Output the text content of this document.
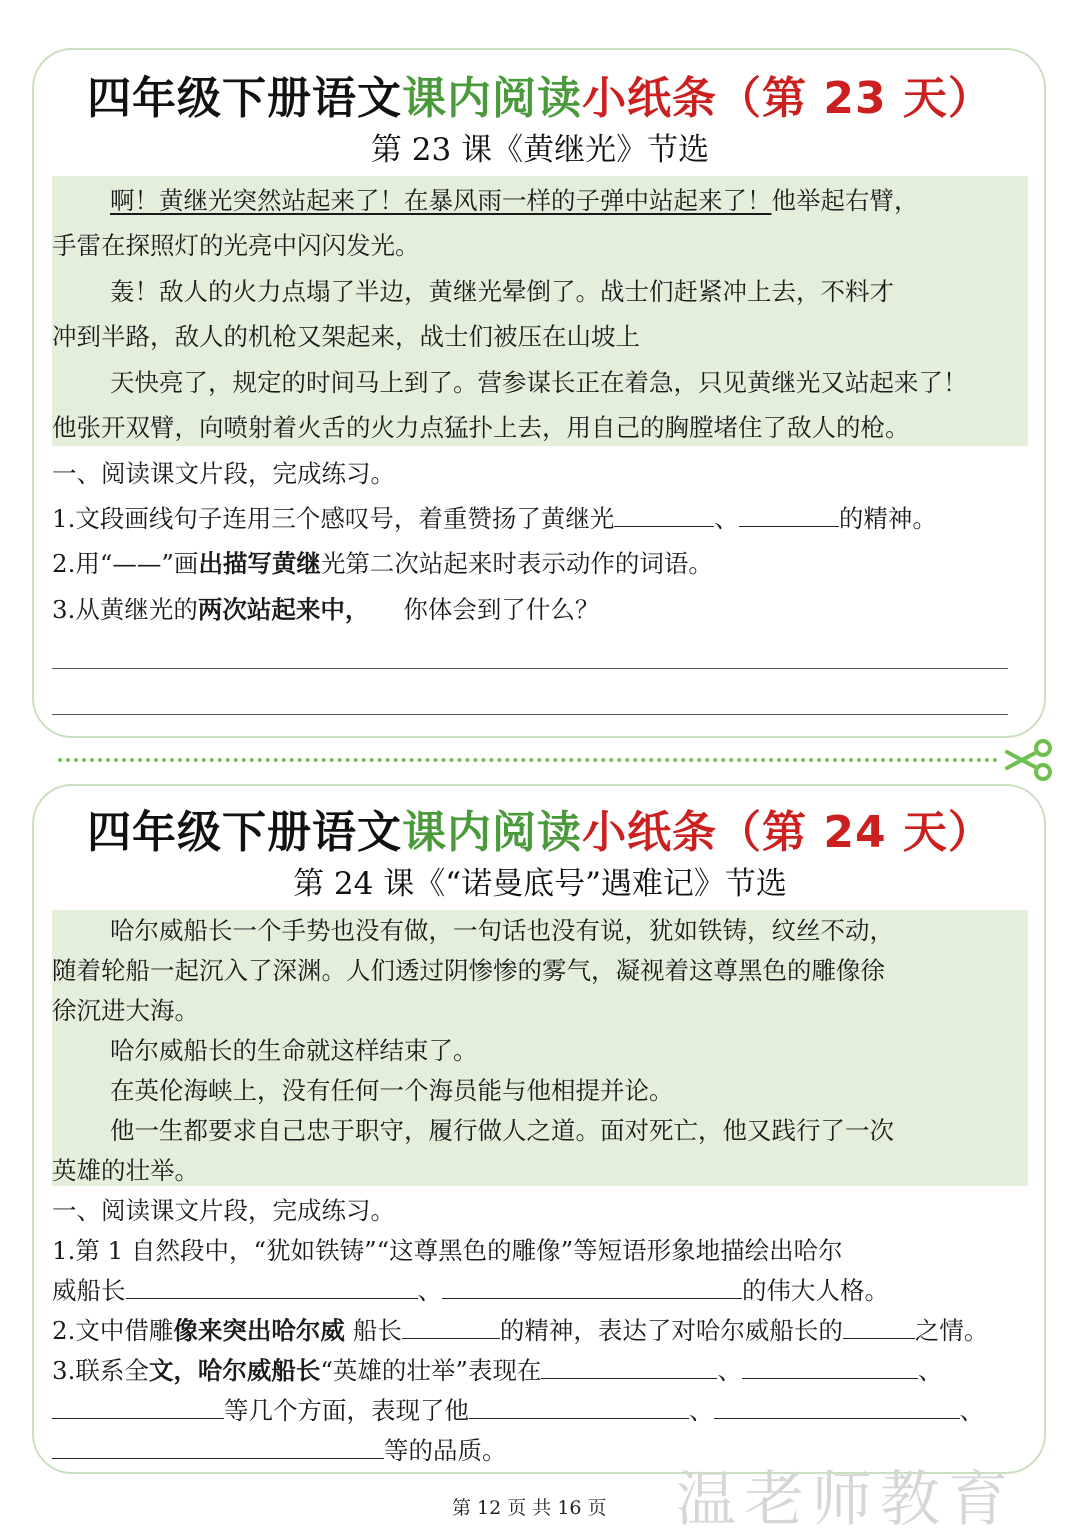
四年级下册语文课内阅读小纸条（第 23 天）
第 23 课《黄继光》节选
啊！黄继光突然站起来了！在暴风雨一样的子弹中站起来了！他举起右臂，
手雷在探照灯的光亮中闪闪发光。
轰！敌人的火力点塌了半边，黄继光晕倒了。战士们赶紧冲上去，不料才
冲到半路，敌人的机枪又架起来，战士们被压在山坡上
天快亮了，规定的时间马上到了。营参谋长正在着急，只见黄继光又站起来了！
他张开双臂，向喷射着火舌的火力点猛扑上去，用自己的胸膛堵住了敌人的枪。
一、阅读课文片段，完成练习。
1.文段画线句子连用三个感叹号，着重赞扬了黄继光	、	的精神。
2.用“——”画出描写黄继光第二次站起来时表示动作的词语。
3.从黄继光的两次站起来中， 你体会到了什么？
四年级下册语文课内阅读小纸条（第 24 天）
第 24 课《“诺曼底号”遇难记》节选
哈尔威船长一个手势也没有做，一句话也没有说，犹如铁铸，纹丝不动，
随着轮船一起沉入了深渊。人们透过阴惨惨的雾气，凝视着这尊黑色的雕像徐
徐沉进大海。
哈尔威船长的生命就这样结束了。
在英伦海峡上，没有任何一个海员能与他相提并论。
他一生都要求自己忠于职守，履行做人之道。面对死亡，他又践行了一次
英雄的壮举。
一、阅读课文片段，完成练习。
1.第 1 自然段中，“犹如铁铸”“这尊黑色的雕像”等短语形象地描绘出哈尔
威船长	、	的伟大人格。
2.文中借雕像来突出哈尔威 船长	的精神，表达了对哈尔威船长的	之情。
3.联系全文，哈尔威船长“英雄的壮举”表现在	、	、
等几个方面，表现了他	、	、
等的品质。
温老师教育
第 12 页 共 16 页
